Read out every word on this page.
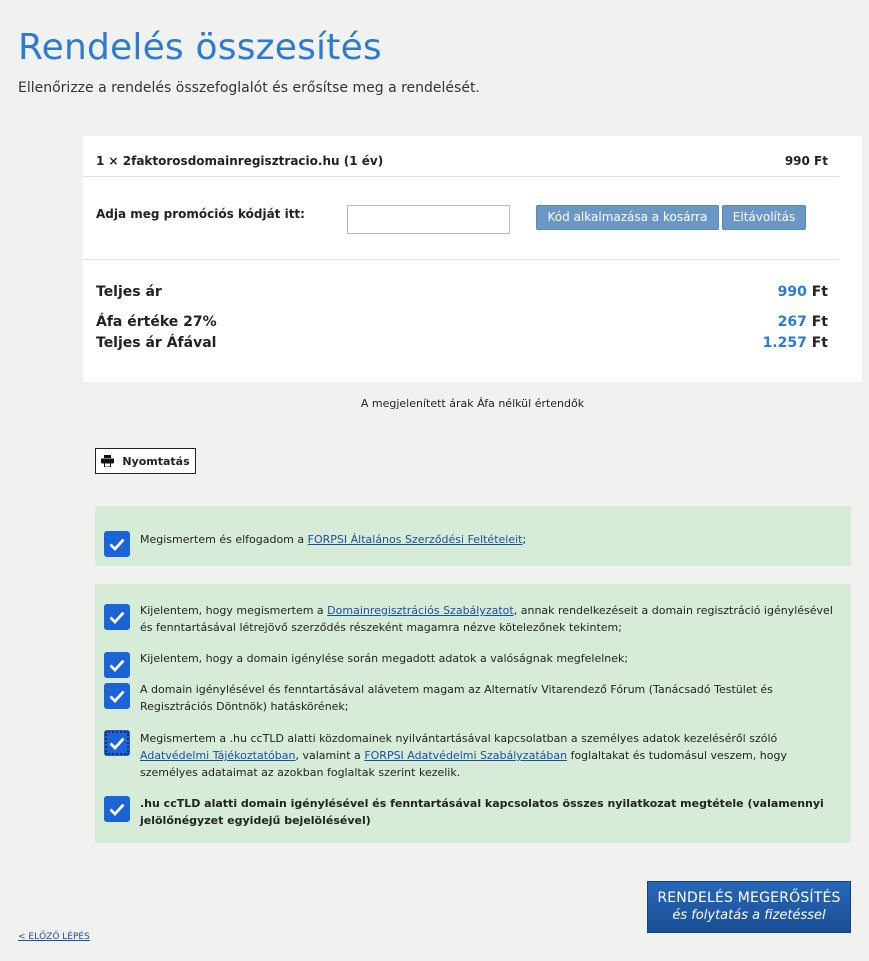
Rendelés összesítés
Ellenőrizze a rendelés összefoglalót és erősítse meg a rendelését.
1 × 2faktorosdomainregisztracio.hu (1 év)	990 Ft
Adja meg promóciós kódját itt:	Kód alkalmazása a kosárra	Eltávolítás
Teljes ár	990 Ft
Áfa értéke 27%	267 Ft
Teljes ár Áfával	1.257 Ft
A megjelenített árak Áfa nélkül értendők
Nyomtatás
Megismertem és elfogadom a FORPSI Általános Szerződési Feltételeit;
Kijelentem, hogy megismertem a Domainregisztrációs Szabályzatot, annak rendelkezéseit a domain regisztráció igénylésével és fenntartásával létrejövő szerződés részeként magamra nézve kötelezőnek tekintem;
Kijelentem, hogy a domain igénylése során megadott adatok a valóságnak megfelelnek;
A domain igénylésével és fenntartásával alávetem magam az Alternatív Vitarendező Fórum (Tanácsadó Testület és Regisztrációs Döntnök) hatáskörének;
Megismertem a .hu ccTLD alatti közdomainek nyilvántartásával kapcsolatban a személyes adatok kezeléséről szóló Adatvédelmi Tájékoztatóban, valamint a FORPSI Adatvédelmi Szabályzatában foglaltakat és tudomásul veszem, hogy személyes adataimat az azokban foglaltak szerint kezelik.
.hu ccTLD alatti domain igénylésével és fenntartásával kapcsolatos összes nyilatkozat megtétele (valamennyi jelölőnégyzet egyidejű bejelölésével)
RENDELÉS MEGERŐSÍTÉS
és folytatás a fizetéssel
< ELŐZŐ LÉPÉS
